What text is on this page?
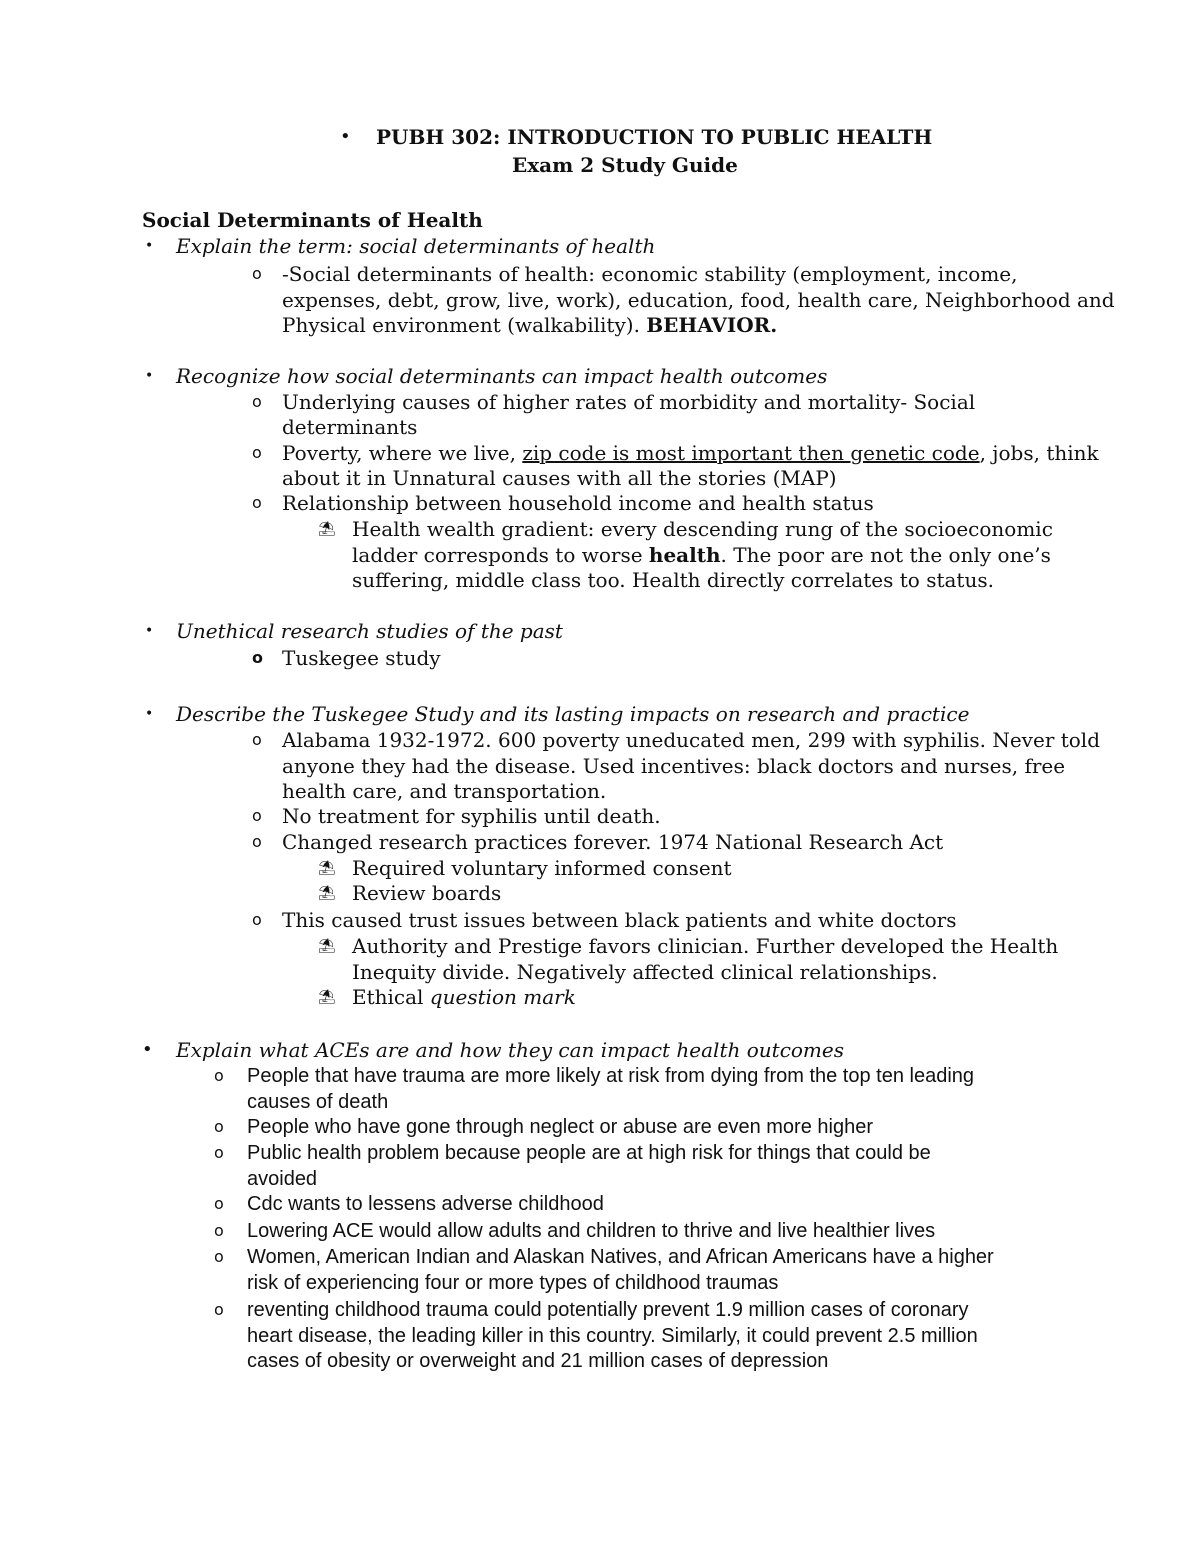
• PUBH 302: INTRODUCTION TO PUBLIC HEALTH
Exam 2 Study Guide
Social Determinants of Health
• Explain the term: social determinants of health
o -Social determinants of health: economic stability (employment, income,
expenses, debt, grow, live, work), education, food, health care, Neighborhood and
Physical environment (walkability). BEHAVIOR.
• Recognize how social determinants can impact health outcomes
o Underlying causes of higher rates of morbidity and mortality- Social
determinants
o Poverty, where we live, zip code is most important then genetic code, jobs, think
about it in Unnatural causes with all the stories (MAP)
o Relationship between household income and health status
⛱ Health wealth gradient: every descending rung of the socioeconomic
ladder corresponds to worse health. The poor are not the only one’s
suffering, middle class too. Health directly correlates to status.
• Unethical research studies of the past
o Tuskegee study
• Describe the Tuskegee Study and its lasting impacts on research and practice
o Alabama 1932-1972. 600 poverty uneducated men, 299 with syphilis. Never told
anyone they had the disease. Used incentives: black doctors and nurses, free
health care, and transportation.
o No treatment for syphilis until death.
o Changed research practices forever. 1974 National Research Act
⛱ Required voluntary informed consent
⛱ Review boards
o This caused trust issues between black patients and white doctors
⛱ Authority and Prestige favors clinician. Further developed the Health
Inequity divide. Negatively affected clinical relationships.
⛱ Ethical question mark
• Explain what ACEs are and how they can impact health outcomes
o People that have trauma are more likely at risk from dying from the top ten leading
causes of death
o People who have gone through neglect or abuse are even more higher
o Public health problem because people are at high risk for things that could be
avoided
o Cdc wants to lessens adverse childhood
o Lowering ACE would allow adults and children to thrive and live healthier lives
o Women, American Indian and Alaskan Natives, and African Americans have a higher
risk of experiencing four or more types of childhood traumas
o reventing childhood trauma could potentially prevent 1.9 million cases of coronary
heart disease, the leading killer in this country. Similarly, it could prevent 2.5 million
cases of obesity or overweight and 21 million cases of depression
